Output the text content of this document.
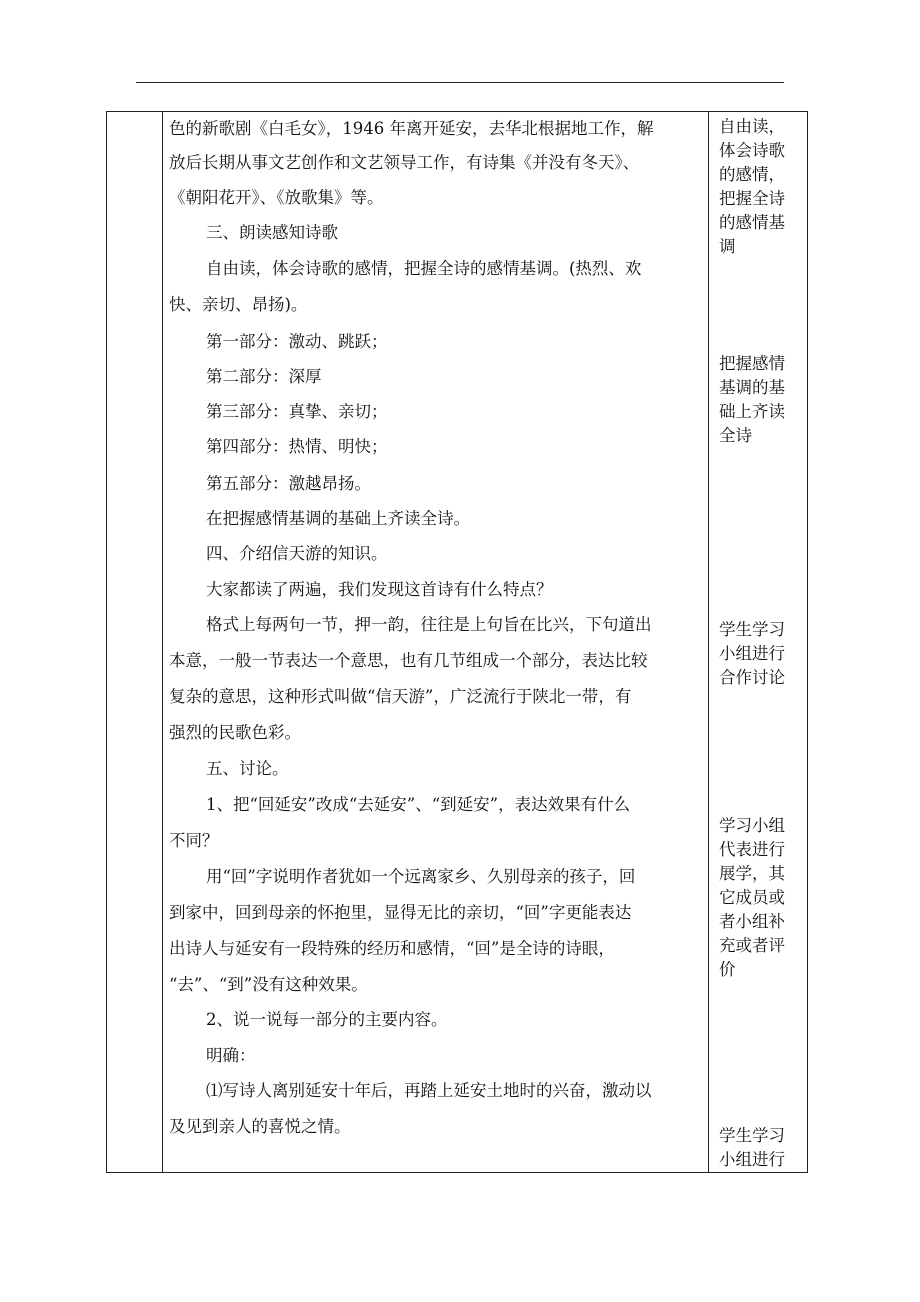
色的新歌剧《白毛女》，1946 年离开延安，去华北根据地工作，解

放后长期从事文艺创作和文艺领导工作，有诗集《并没有冬天》、

《朝阳花开》、《放歌集》等。

三、朗读感知诗歌

自由读，体会诗歌的感情，把握全诗的感情基调。(热烈、欢

快、亲切、昂扬)。

第一部分：激动、跳跃；

第二部分：深厚

第三部分：真挚、亲切；

第四部分：热情、明快；

第五部分：激越昂扬。

在把握感情基调的基础上齐读全诗。

四、介绍信天游的知识。

大家都读了两遍，我们发现这首诗有什么特点？

格式上每两句一节，押一韵，往往是上句旨在比兴，下句道出

本意，一般一节表达一个意思，也有几节组成一个部分，表达比较

复杂的意思，这种形式叫做“信天游”，广泛流行于陕北一带，有

强烈的民歌色彩。

五、讨论。

1、把“回延安”改成“去延安”、“到延安”，表达效果有什么

不同？

用“回”字说明作者犹如一个远离家乡、久别母亲的孩子，回

到家中，回到母亲的怀抱里，显得无比的亲切，“回”字更能表达

出诗人与延安有一段特殊的经历和感情，“回”是全诗的诗眼，

“去”、“到”没有这种效果。

2、说一说每一部分的主要内容。

明确：

⑴写诗人离别延安十年后，再踏上延安土地时的兴奋，激动以

及见到亲人的喜悦之情。

自由读，

体会诗歌

的感情，

把握全诗

的感情基

调

把握感情

基调的基

础上齐读

全诗

学生学习

小组进行

合作讨论

学习小组

代表进行

展学，其

它成员或

者小组补

充或者评

价

学生学习

小组进行
